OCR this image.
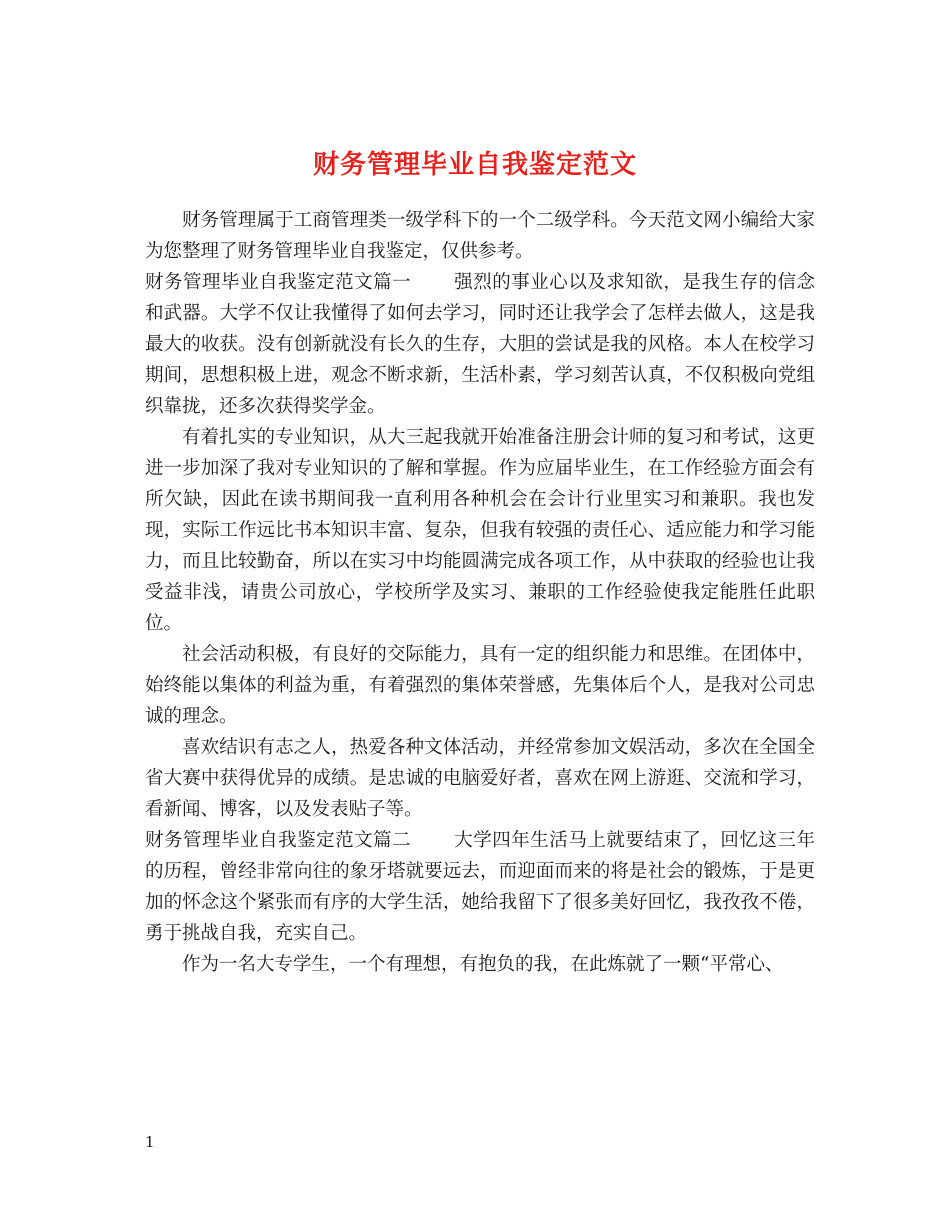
财务管理毕业自我鉴定范文

财务管理属于工商管理类一级学科下的一个二级学科。今天范文网小编给大家为您整理了财务管理毕业自我鉴定，仅供参考。

财务管理毕业自我鉴定范文篇一 强烈的事业心以及求知欲，是我生存的信念和武器。大学不仅让我懂得了如何去学习，同时还让我学会了怎样去做人，这是我最大的收获。没有创新就没有长久的生存，大胆的尝试是我的风格。本人在校学习期间，思想积极上进，观念不断求新，生活朴素，学习刻苦认真，不仅积极向党组织靠拢，还多次获得奖学金。

有着扎实的专业知识，从大三起我就开始准备注册会计师的复习和考试，这更进一步加深了我对专业知识的了解和掌握。作为应届毕业生，在工作经验方面会有所欠缺，因此在读书期间我一直利用各种机会在会计行业里实习和兼职。我也发现，实际工作远比书本知识丰富、复杂，但我有较强的责任心、适应能力和学习能力，而且比较勤奋，所以在实习中均能圆满完成各项工作，从中获取的经验也让我受益非浅，请贵公司放心，学校所学及实习、兼职的工作经验使我定能胜任此职位。

社会活动积极，有良好的交际能力，具有一定的组织能力和思维。在团体中，始终能以集体的利益为重，有着强烈的集体荣誉感，先集体后个人，是我对公司忠诚的理念。

喜欢结识有志之人，热爱各种文体活动，并经常参加文娱活动，多次在全国全省大赛中获得优异的成绩。是忠诚的电脑爱好者，喜欢在网上游逛、交流和学习，看新闻、博客，以及发表贴子等。

财务管理毕业自我鉴定范文篇二 大学四年生活马上就要结束了，回忆这三年的历程，曾经非常向往的象牙塔就要远去，而迎面而来的将是社会的锻炼，于是更加的怀念这个紧张而有序的大学生活，她给我留下了很多美好回忆，我孜孜不倦，勇于挑战自我，充实自己。

作为一名大专学生，一个有理想，有抱负的我，在此炼就了一颗“平常心、

1
